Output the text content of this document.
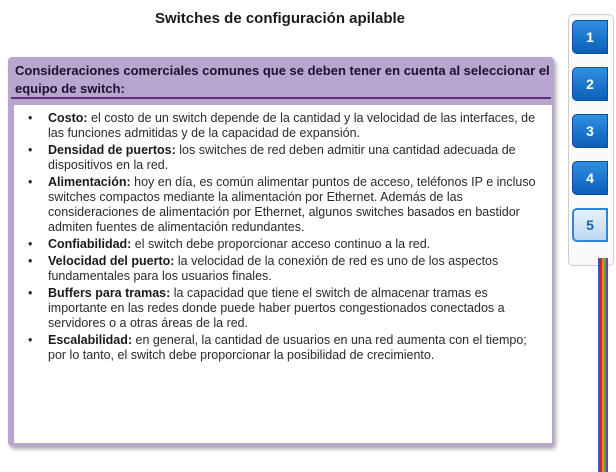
Switches de configuración apilable
Consideraciones comerciales comunes que se deben tener en cuenta al seleccionar el equipo de switch:
• Costo: el costo de un switch depende de la cantidad y la velocidad de las interfaces, de las funciones admitidas y de la capacidad de expansión.
• Densidad de puertos: los switches de red deben admitir una cantidad adecuada de dispositivos en la red.
• Alimentación: hoy en día, es común alimentar puntos de acceso, teléfonos IP e incluso switches compactos mediante la alimentación por Ethernet. Además de las consideraciones de alimentación por Ethernet, algunos switches basados en bastidor admiten fuentes de alimentación redundantes.
• Confiabilidad: el switch debe proporcionar acceso continuo a la red.
• Velocidad del puerto: la velocidad de la conexión de red es uno de los aspectos fundamentales para los usuarios finales.
• Buffers para tramas: la capacidad que tiene el switch de almacenar tramas es importante en las redes donde puede haber puertos congestionados conectados a servidores o a otras áreas de la red.
• Escalabilidad: en general, la cantidad de usuarios en una red aumenta con el tiempo; por lo tanto, el switch debe proporcionar la posibilidad de crecimiento.
1
2
3
4
5
